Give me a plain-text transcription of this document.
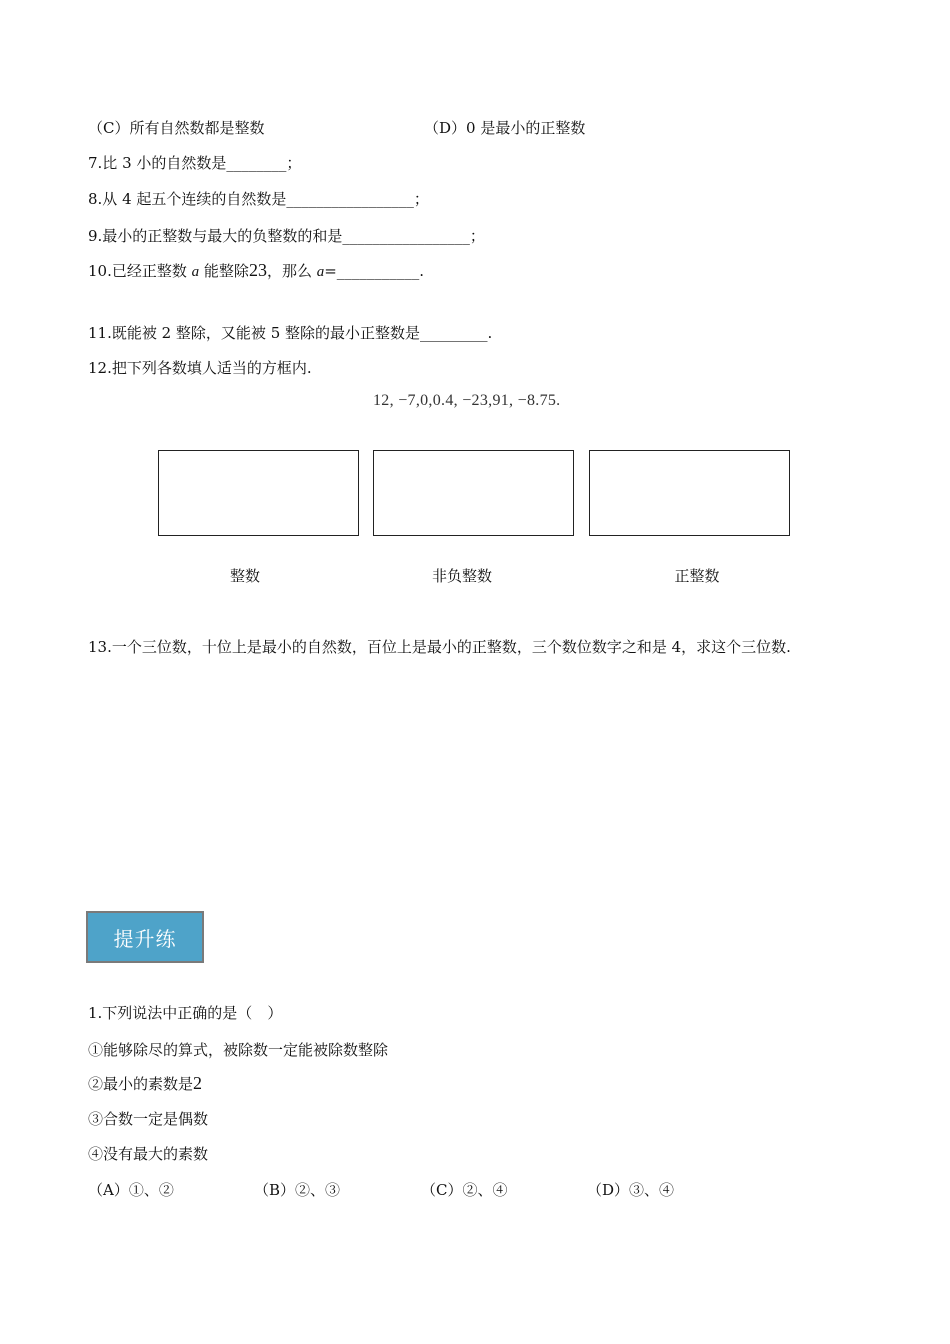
（C）所有自然数都是整数	（D）0 是最小的正整数
7.比 3 小的自然数是________；
8.从 4 起五个连续的自然数是_________________；
9.最小的正整数与最大的负整数的和是_________________；
10.已经正整数 a 能整除23，那么 a=___________.
11.既能被 2 整除，又能被 5 整除的最小正整数是_________.
12.把下列各数填人适当的方框内.
12, −7,0,0.4, −23,91, −8.75.
整数	非负整数	正整数
13.一个三位数，十位上是最小的自然数，百位上是最小的正整数，三个数位数字之和是 4，求这个三位数.
提升练
1.下列说法中正确的是（　）
①能够除尽的算式，被除数一定能被除数整除
②最小的素数是2
③合数一定是偶数
④没有最大的素数
（A）①、②	（B）②、③	（C）②、④	（D）③、④
